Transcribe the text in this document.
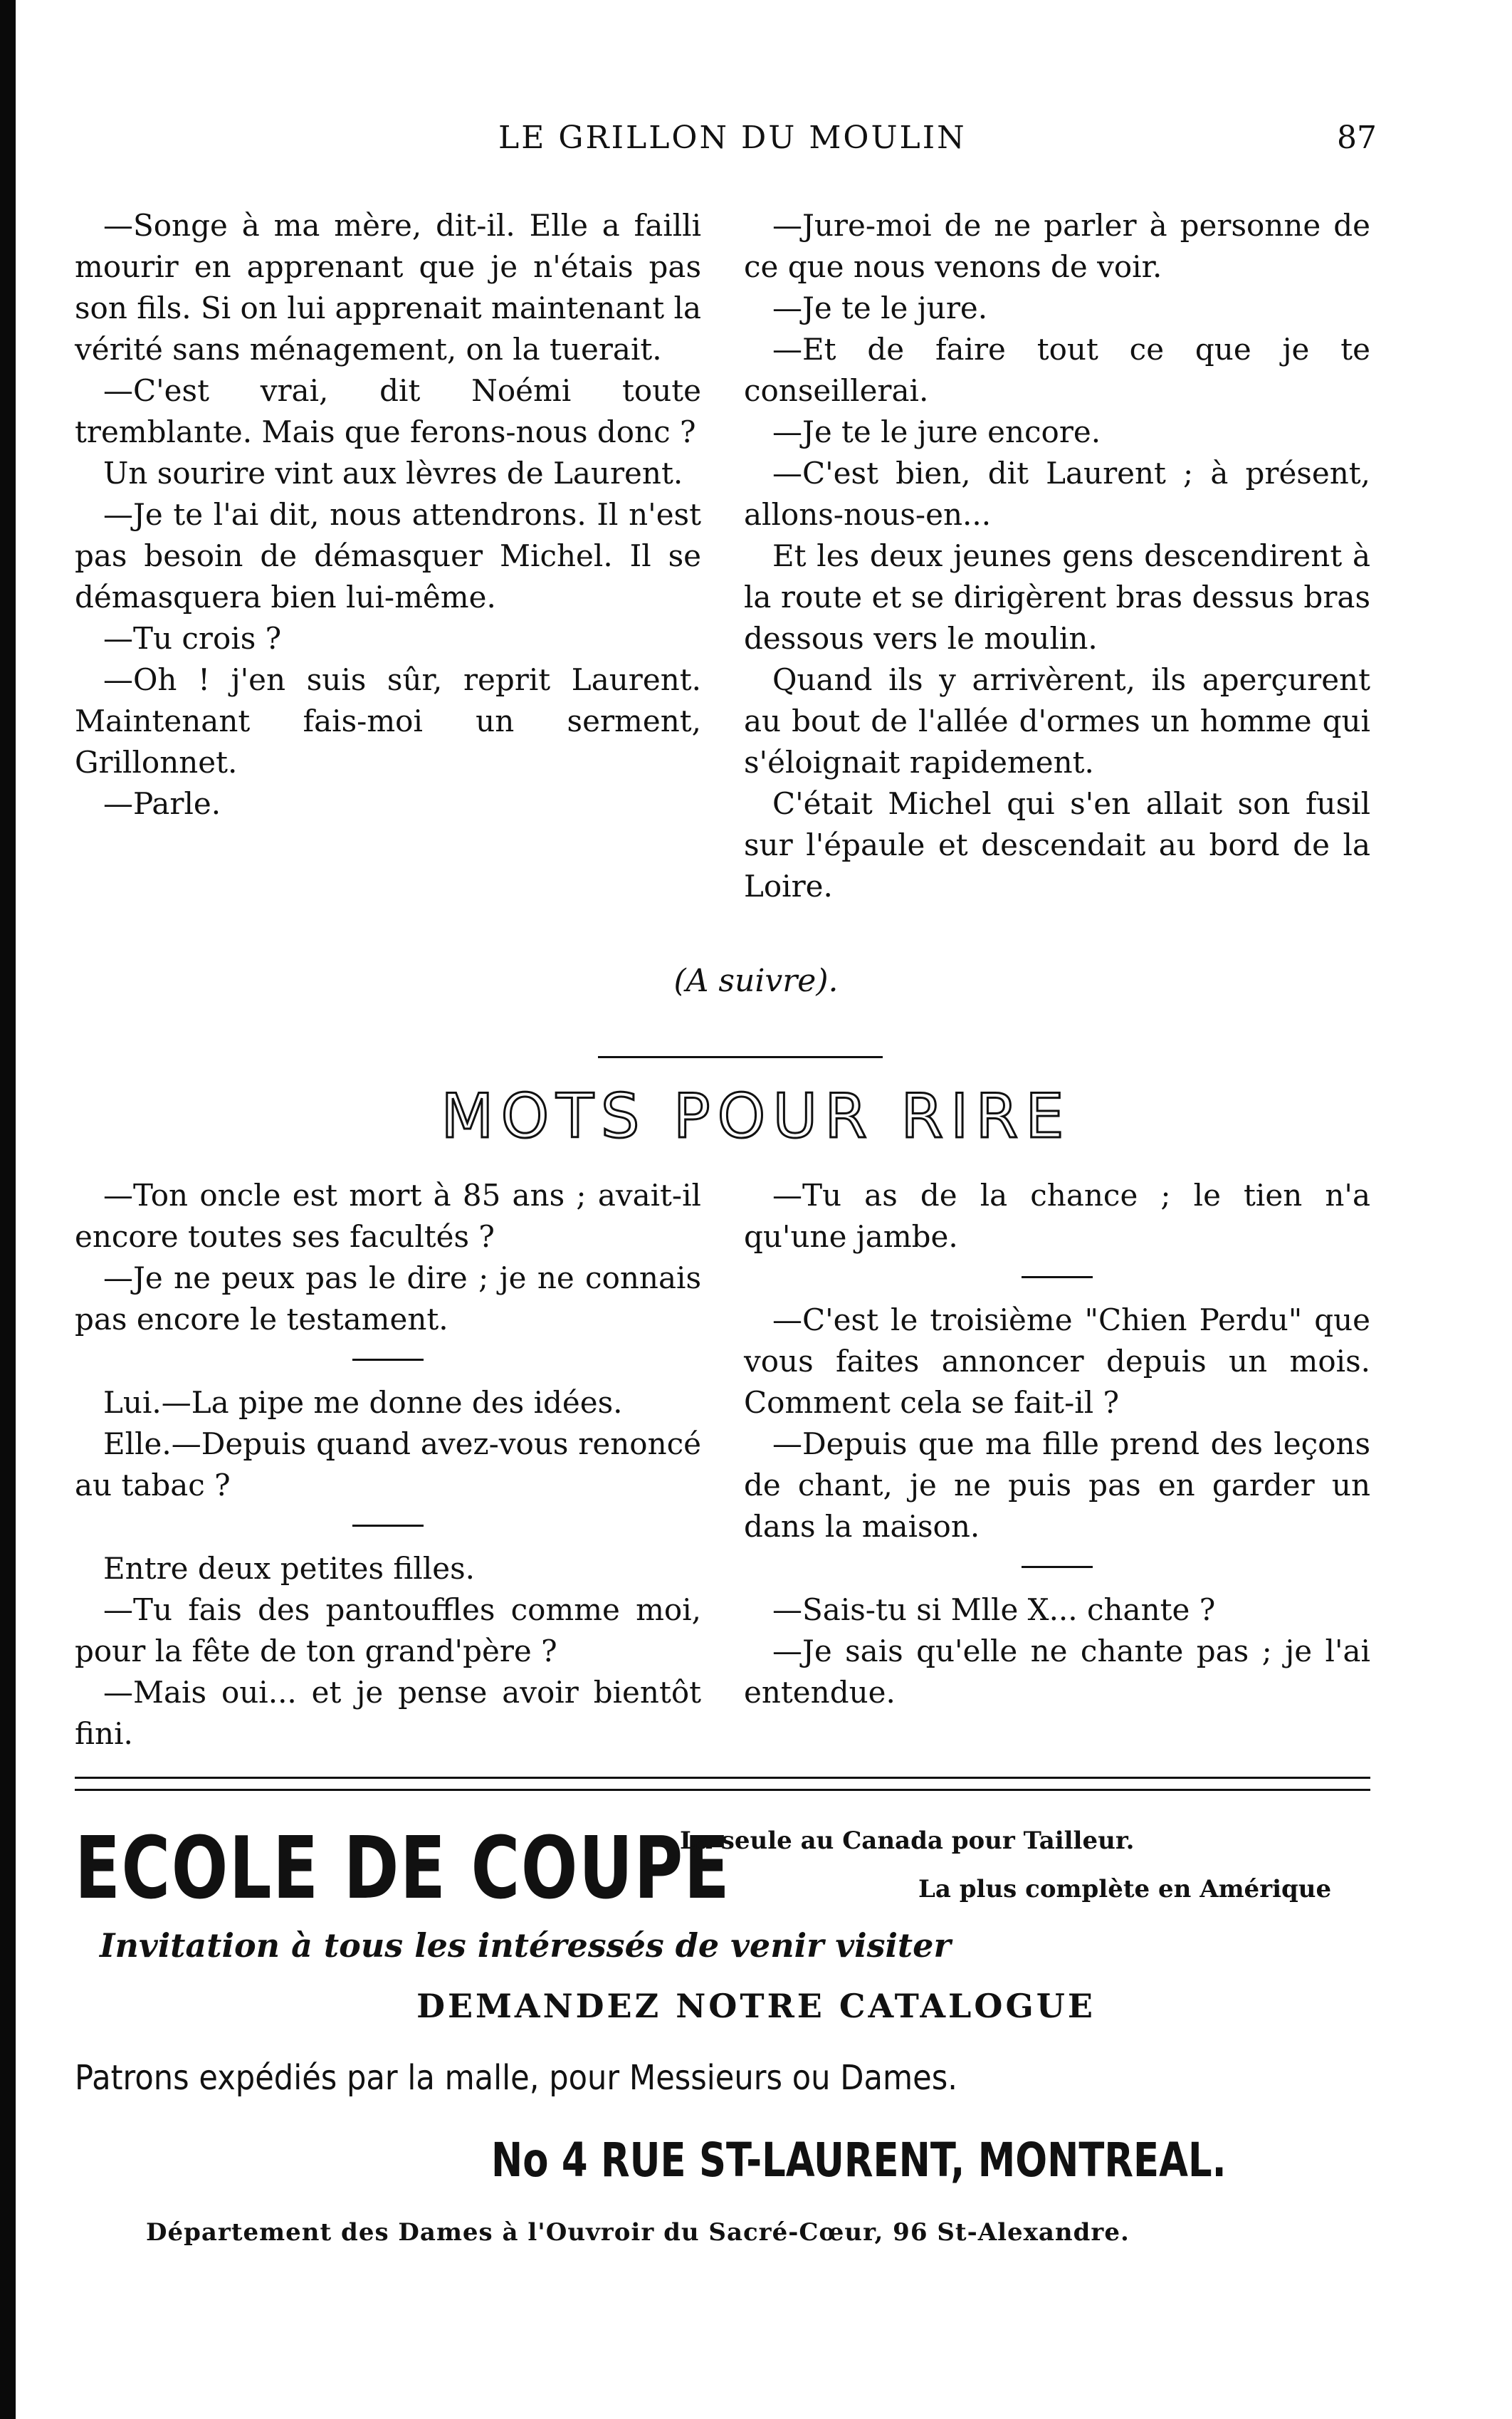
LE GRILLON DU MOULIN	87

—Songe à ma mère, dit-il. Elle a failli mourir en apprenant que je n'étais pas son fils. Si on lui apprenait maintenant la vérité sans ménagement, on la tuerait.

—C'est vrai, dit Noémi toute tremblante. Mais que ferons-nous donc ?

Un sourire vint aux lèvres de Laurent.

—Je te l'ai dit, nous attendrons. Il n'est pas besoin de démasquer Michel. Il se démasquera bien lui-même.

—Tu crois ?

—Oh ! j'en suis sûr, reprit Laurent. Maintenant fais-moi un serment, Grillonnet.

—Parle.

—Jure-moi de ne parler à personne de ce que nous venons de voir.

—Je te le jure.

—Et de faire tout ce que je te conseillerai.

—Je te le jure encore.

—C'est bien, dit Laurent ; à présent, allons-nous-en...

Et les deux jeunes gens descendirent à la route et se dirigèrent bras dessus bras dessous vers le moulin.

Quand ils y arrivèrent, ils aperçurent au bout de l'allée d'ormes un homme qui s'éloignait rapidement.

C'était Michel qui s'en allait son fusil sur l'épaule et descendait au bord de la Loire.

(A suivre).
MOTS POUR RIRE

—Ton oncle est mort à 85 ans ; avait-il encore toutes ses facultés ?

—Je ne peux pas le dire ; je ne connais pas encore le testament.

Lui.—La pipe me donne des idées.

Elle.—Depuis quand avez-vous renoncé au tabac ?

Entre deux petites filles.

—Tu fais des pantouffles comme moi, pour la fête de ton grand'père ?

—Mais oui... et je pense avoir bientôt fini.

—Tu as de la chance ; le tien n'a qu'une jambe.

—C'est le troisième "Chien Perdu" que vous faites annoncer depuis un mois. Comment cela se fait-il ?

—Depuis que ma fille prend des leçons de chant, je ne puis pas en garder un dans la maison.

—Sais-tu si Mlle X... chante ?

—Je sais qu'elle ne chante pas ; je l'ai entendue.

ECOLE DE COUPE
La seule au Canada pour Tailleur.
La plus complète en Amérique
Invitation à tous les intéressés de venir visiter
DEMANDEZ NOTRE CATALOGUE
Patrons expédiés par la malle, pour Messieurs ou Dames.
No 4 RUE ST-LAURENT, MONTREAL.
Département des Dames à l'Ouvroir du Sacré-Cœur, 96 St-Alexandre.
